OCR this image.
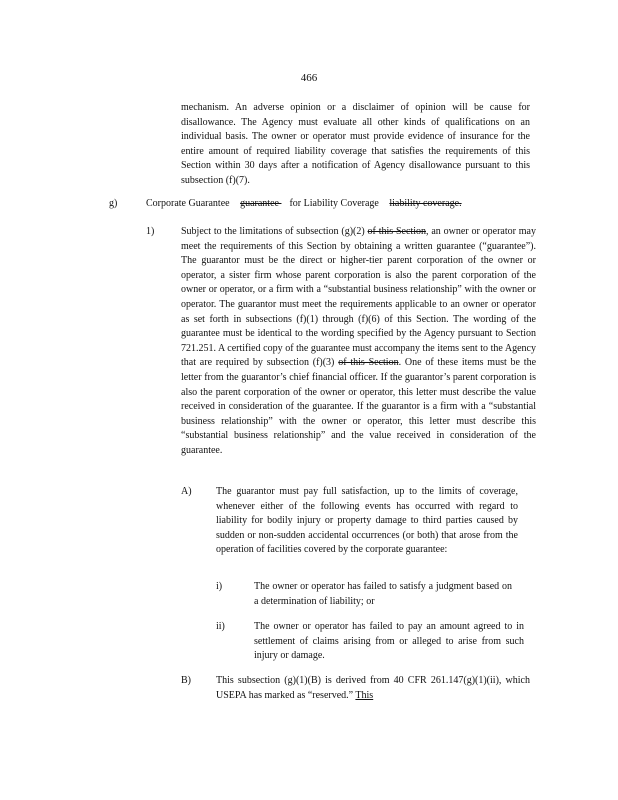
466
mechanism. An adverse opinion or a disclaimer of opinion will be cause for disallowance. The Agency must evaluate all other kinds of qualifications on an individual basis. The owner or operator must provide evidence of insurance for the entire amount of required liability coverage that satisfies the requirements of this Section within 30 days after a notification of Agency disallowance pursuant to this subsection (f)(7).
g)	Corporate Guarantee guarantee for Liability Coverage liability coverage.
1)	Subject to the limitations of subsection (g)(2) of this Section, an owner or operator may meet the requirements of this Section by obtaining a written guarantee (“guarantee”). The guarantor must be the direct or higher-tier parent corporation of the owner or operator, a sister firm whose parent corporation is also the parent corporation of the owner or operator, or a firm with a “substantial business relationship” with the owner or operator. The guarantor must meet the requirements applicable to an owner or operator as set forth in subsections (f)(1) through (f)(6) of this Section. The wording of the guarantee must be identical to the wording specified by the Agency pursuant to Section 721.251. A certified copy of the guarantee must accompany the items sent to the Agency that are required by subsection (f)(3) of this Section. One of these items must be the letter from the guarantor’s chief financial officer. If the guarantor’s parent corporation is also the parent corporation of the owner or operator, this letter must describe the value received in consideration of the guarantee. If the guarantor is a firm with a “substantial business relationship” with the owner or operator, this letter must describe this “substantial business relationship” and the value received in consideration of the guarantee.
A) The guarantor must pay full satisfaction, up to the limits of coverage, whenever either of the following events has occurred with regard to liability for bodily injury or property damage to third parties caused by sudden or non-sudden accidental occurrences (or both) that arose from the operation of facilities covered by the corporate guarantee:
i)	The owner or operator has failed to satisfy a judgment based on a determination of liability; or
ii)	The owner or operator has failed to pay an amount agreed to in settlement of claims arising from or alleged to arise from such injury or damage.
B)	This subsection (g)(1)(B) is derived from 40 CFR 261.147(g)(1)(ii), which USEPA has marked as “reserved.” This
